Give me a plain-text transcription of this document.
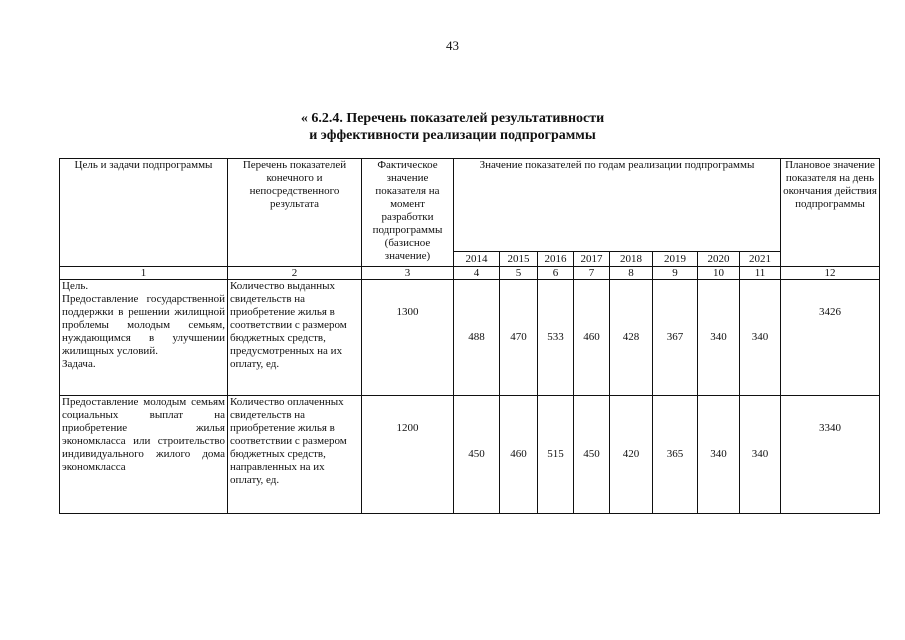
43
« 6.2.4. Перечень показателей результативности
и эффективности реализации подпрограммы
Цель и задачи подпрограммы	Перечень показателей конечного и непосредственного результата	Фактическое значение показателя на момент разработки подпрограммы (базисное значение)	Значение показателей по годам реализации подпрограммы								Плановое значение показателя на день окончания действия подпрограммы
			2014	2015	2016	2017	2018	2019	2020	2021	
1	2	3	4	5	6	7	8	9	10	11	12

Цель.
Предоставление государственной поддержки в решении жилищной проблемы молодым семьям, нуждающимся в улучшении жилищных условий.
Задача.	Количество выданных свидетельств на приобретение жилья в соответствии с размером бюджетных средств, предусмотренных на их оплату, ед.	1300	488	470	533	460	428	367	340	340	3426

Предоставление молодым семьям социальных выплат на приобретение жилья экономкласса или строительство индивидуального жилого дома экономкласса	Количество оплаченных свидетельств на приобретение жилья в соответствии с размером бюджетных средств, направленных на их оплату, ед.	1200	450	460	515	450	420	365	340	340	3340
